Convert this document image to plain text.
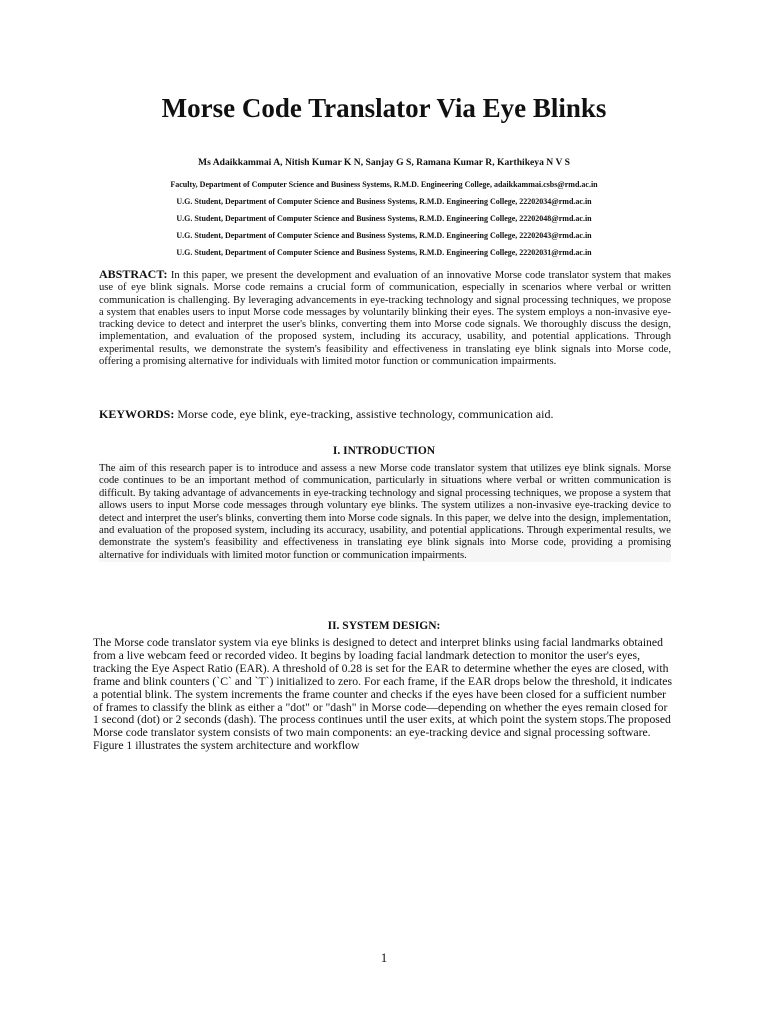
Morse Code Translator Via Eye Blinks

Ms Adaikkammai A, Nitish Kumar K N, Sanjay G S, Ramana Kumar R, Karthikeya N V S

Faculty, Department of Computer Science and Business Systems, R.M.D. Engineering College, adaikkammai.csbs@rmd.ac.in

U.G. Student, Department of Computer Science and Business Systems, R.M.D. Engineering College, 22202034@rmd.ac.in

U.G. Student, Department of Computer Science and Business Systems, R.M.D. Engineering College, 22202048@rmd.ac.in

U.G. Student, Department of Computer Science and Business Systems, R.M.D. Engineering College, 22202043@rmd.ac.in

U.G. Student, Department of Computer Science and Business Systems, R.M.D. Engineering College, 22202031@rmd.ac.in

ABSTRACT: In this paper, we present the development and evaluation of an innovative Morse code translator system that makes use of eye blink signals. Morse code remains a crucial form of communication, especially in scenarios where verbal or written communication is challenging. By leveraging advancements in eye-tracking technology and signal processing techniques, we propose a system that enables users to input Morse code messages by voluntarily blinking their eyes. The system employs a non-invasive eye-tracking device to detect and interpret the user's blinks, converting them into Morse code signals. We thoroughly discuss the design, implementation, and evaluation of the proposed system, including its accuracy, usability, and potential applications. Through experimental results, we demonstrate the system's feasibility and effectiveness in translating eye blink signals into Morse code, offering a promising alternative for individuals with limited motor function or communication impairments.

KEYWORDS: Morse code, eye blink, eye-tracking, assistive technology, communication aid.

I. INTRODUCTION

The aim of this research paper is to introduce and assess a new Morse code translator system that utilizes eye blink signals. Morse code continues to be an important method of communication, particularly in situations where verbal or written communication is difficult. By taking advantage of advancements in eye-tracking technology and signal processing techniques, we propose a system that allows users to input Morse code messages through voluntary eye blinks. The system utilizes a non-invasive eye-tracking device to detect and interpret the user's blinks, converting them into Morse code signals. In this paper, we delve into the design, implementation, and evaluation of the proposed system, including its accuracy, usability, and potential applications. Through experimental results, we demonstrate the system's feasibility and effectiveness in translating eye blink signals into Morse code, providing a promising alternative for individuals with limited motor function or communication impairments.

II. SYSTEM DESIGN:

The Morse code translator system via eye blinks is designed to detect and interpret blinks using facial landmarks obtained from a live webcam feed or recorded video. It begins by loading facial landmark detection to monitor the user's eyes, tracking the Eye Aspect Ratio (EAR). A threshold of 0.28 is set for the EAR to determine whether the eyes are closed, with frame and blink counters (`C` and `T`) initialized to zero. For each frame, if the EAR drops below the threshold, it indicates a potential blink. The system increments the frame counter and checks if the eyes have been closed for a sufficient number of frames to classify the blink as either a "dot" or "dash" in Morse code—depending on whether the eyes remain closed for 1 second (dot) or 2 seconds (dash). The process continues until the user exits, at which point the system stops.The proposed Morse code translator system consists of two main components: an eye-tracking device and signal processing software. Figure 1 illustrates the system architecture and workflow

1
